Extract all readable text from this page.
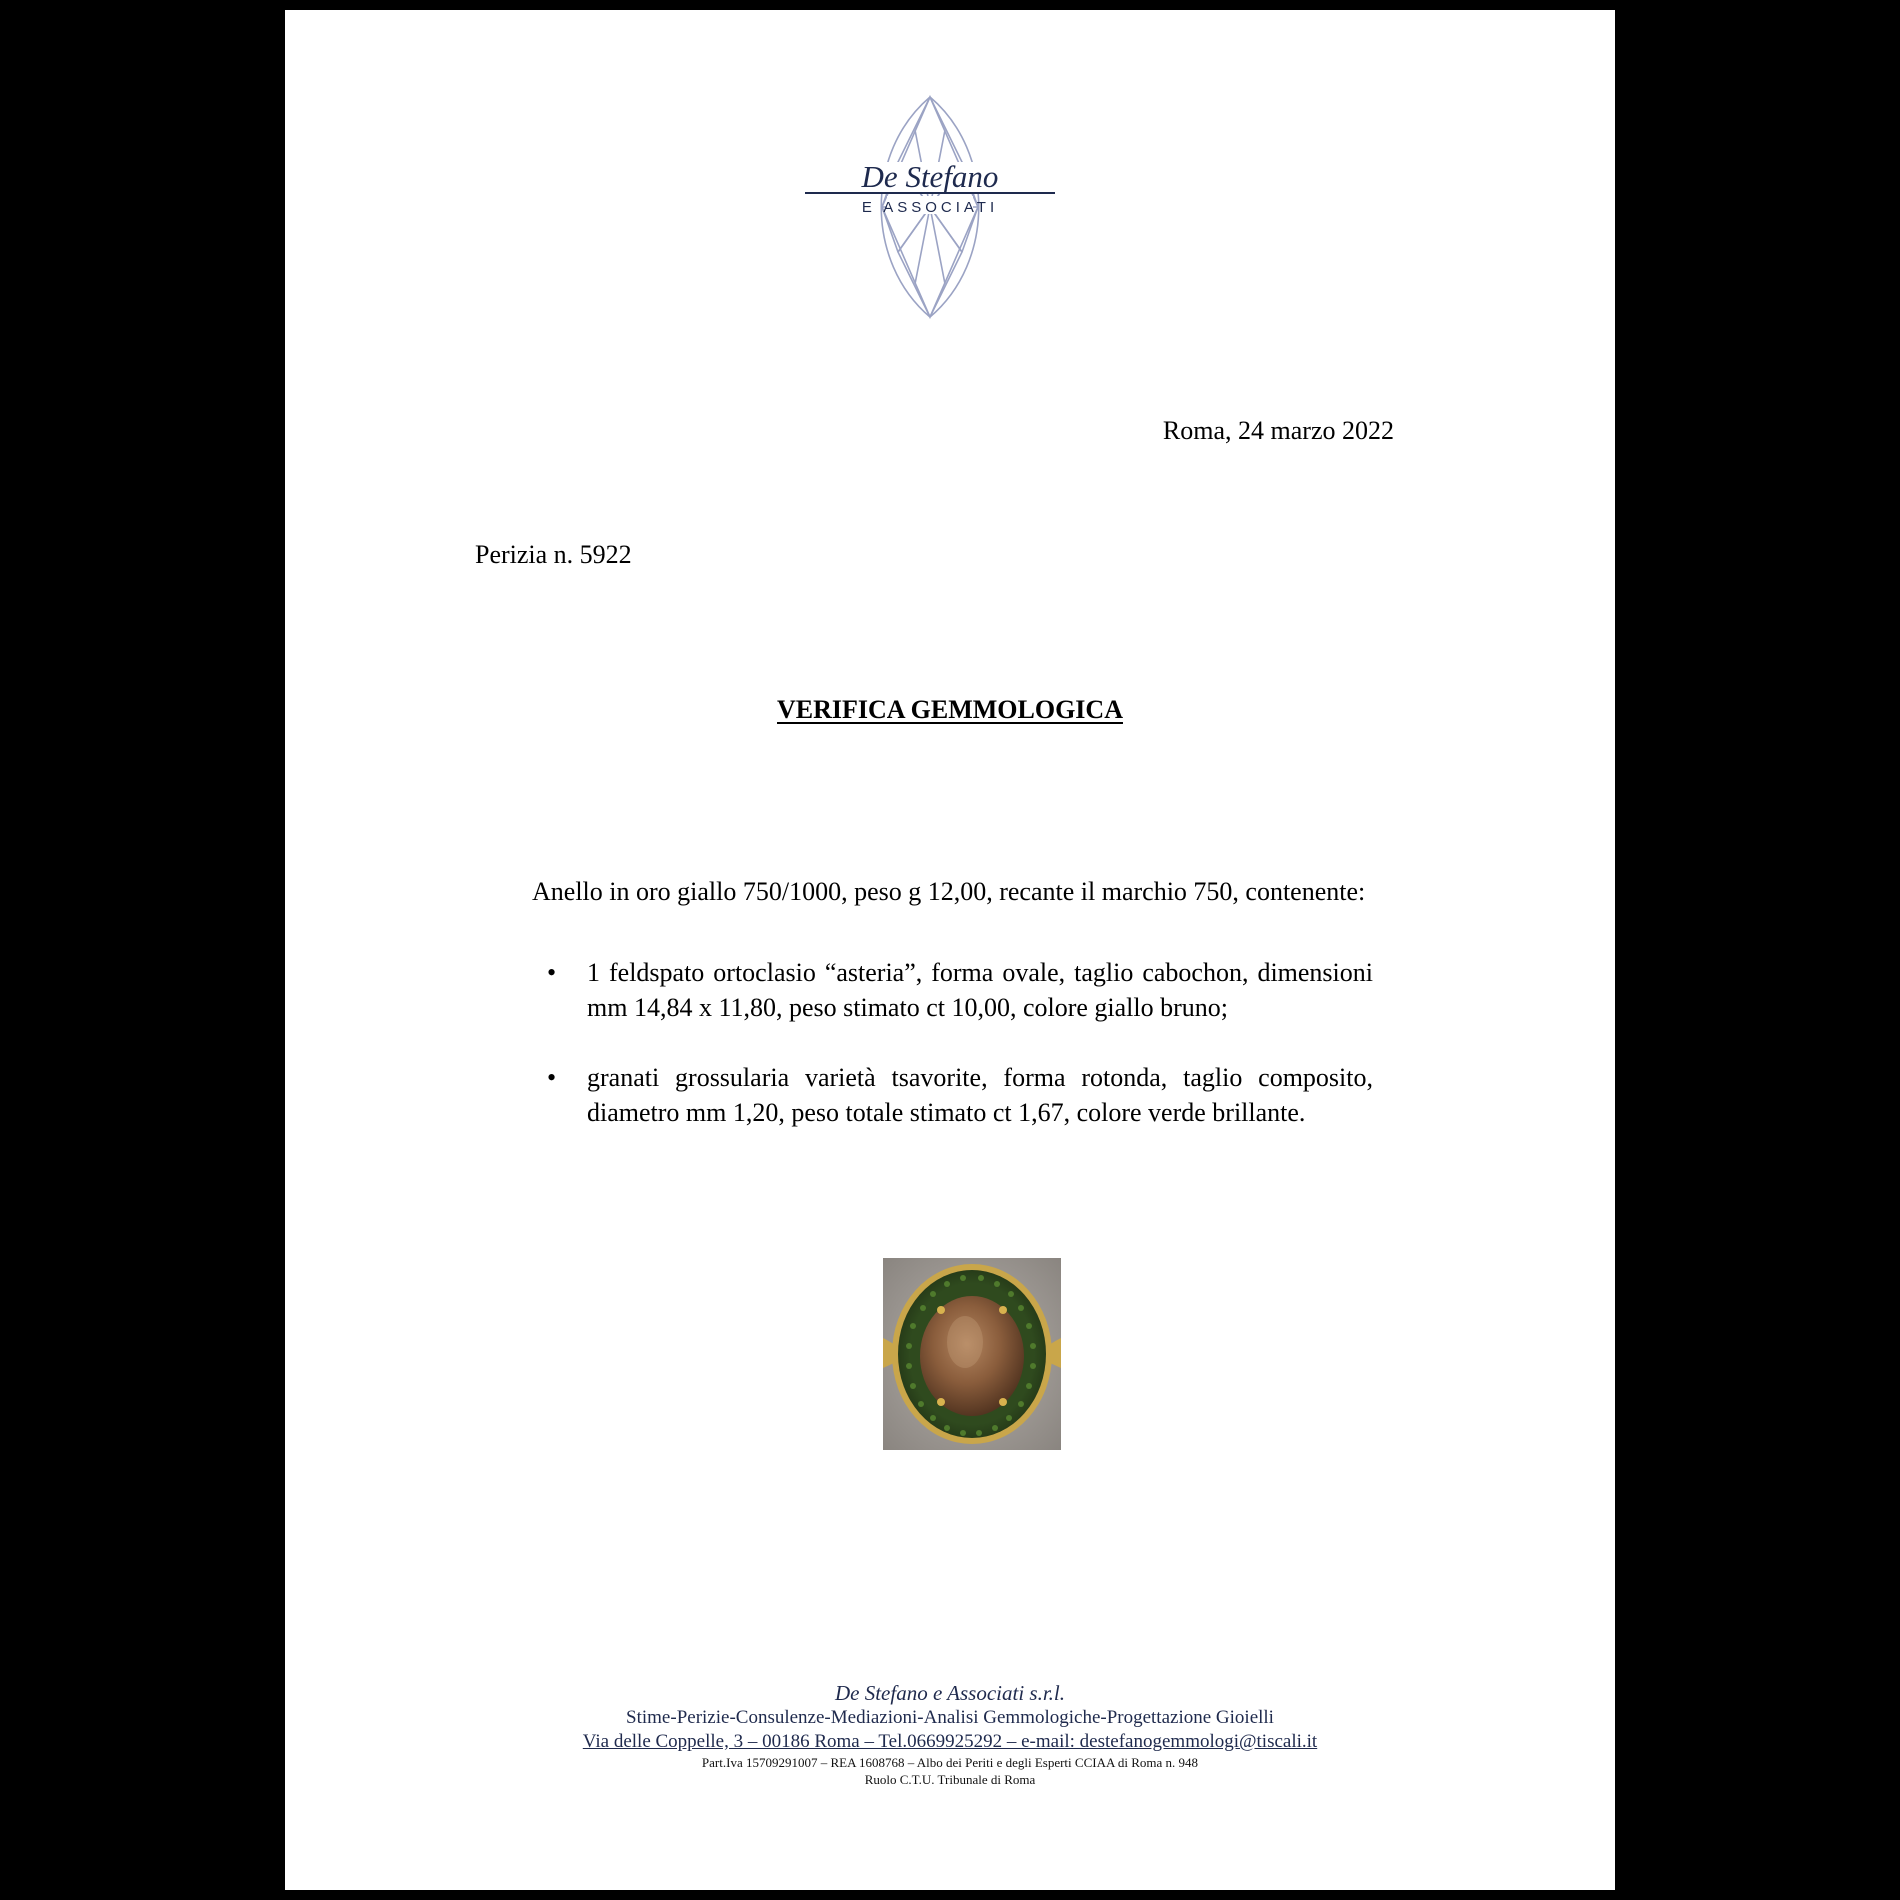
De Stefano
E ASSOCIATI
Roma, 24 marzo 2022
Perizia n. 5922
VERIFICA GEMMOLOGICA
Anello in oro giallo 750/1000, peso g 12,00, recante il marchio 750, contenente:
• 1 feldspato ortoclasio “asteria”, forma ovale, taglio cabochon, dimensioni
mm 14,84 x 11,80, peso stimato ct 10,00, colore giallo bruno;
• granati grossularia varietà tsavorite, forma rotonda, taglio composito,
diametro mm 1,20, peso totale stimato ct 1,67, colore verde brillante.
De Stefano e Associati s.r.l.
Stime-Perizie-Consulenze-Mediazioni-Analisi Gemmologiche-Progettazione Gioielli
Via delle Coppelle, 3 – 00186 Roma – Tel.0669925292 – e-mail: destefanogemmologi@tiscali.it
Part.Iva 15709291007 – REA 1608768 – Albo dei Periti e degli Esperti CCIAA di Roma n. 948
Ruolo C.T.U. Tribunale di Roma
